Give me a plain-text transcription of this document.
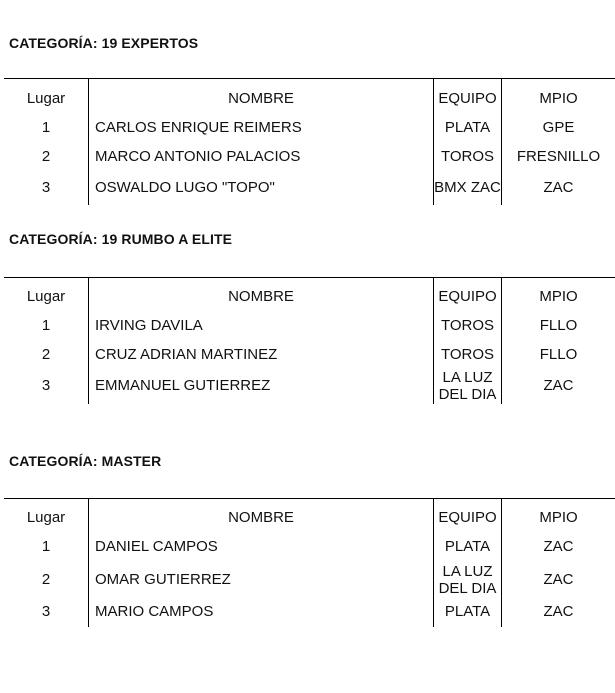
CATEGORÍA: 19 EXPERTOS
Lugar	NOMBRE	EQUIPO	MPIO
1	CARLOS ENRIQUE REIMERS	PLATA	GPE
2	MARCO ANTONIO PALACIOS	TOROS	FRESNILLO
3	OSWALDO LUGO "TOPO"	BMX ZAC	ZAC
CATEGORÍA: 19 RUMBO A ELITE
Lugar	NOMBRE	EQUIPO	MPIO
1	IRVING DAVILA	TOROS	FLLO
2	CRUZ ADRIAN MARTINEZ	TOROS	FLLO
3	EMMANUEL GUTIERREZ	LA LUZ DEL DIA	ZAC
CATEGORÍA: MASTER
Lugar	NOMBRE	EQUIPO	MPIO
1	DANIEL CAMPOS	PLATA	ZAC
2	OMAR GUTIERREZ	LA LUZ DEL DIA	ZAC
3	MARIO CAMPOS	PLATA	ZAC
